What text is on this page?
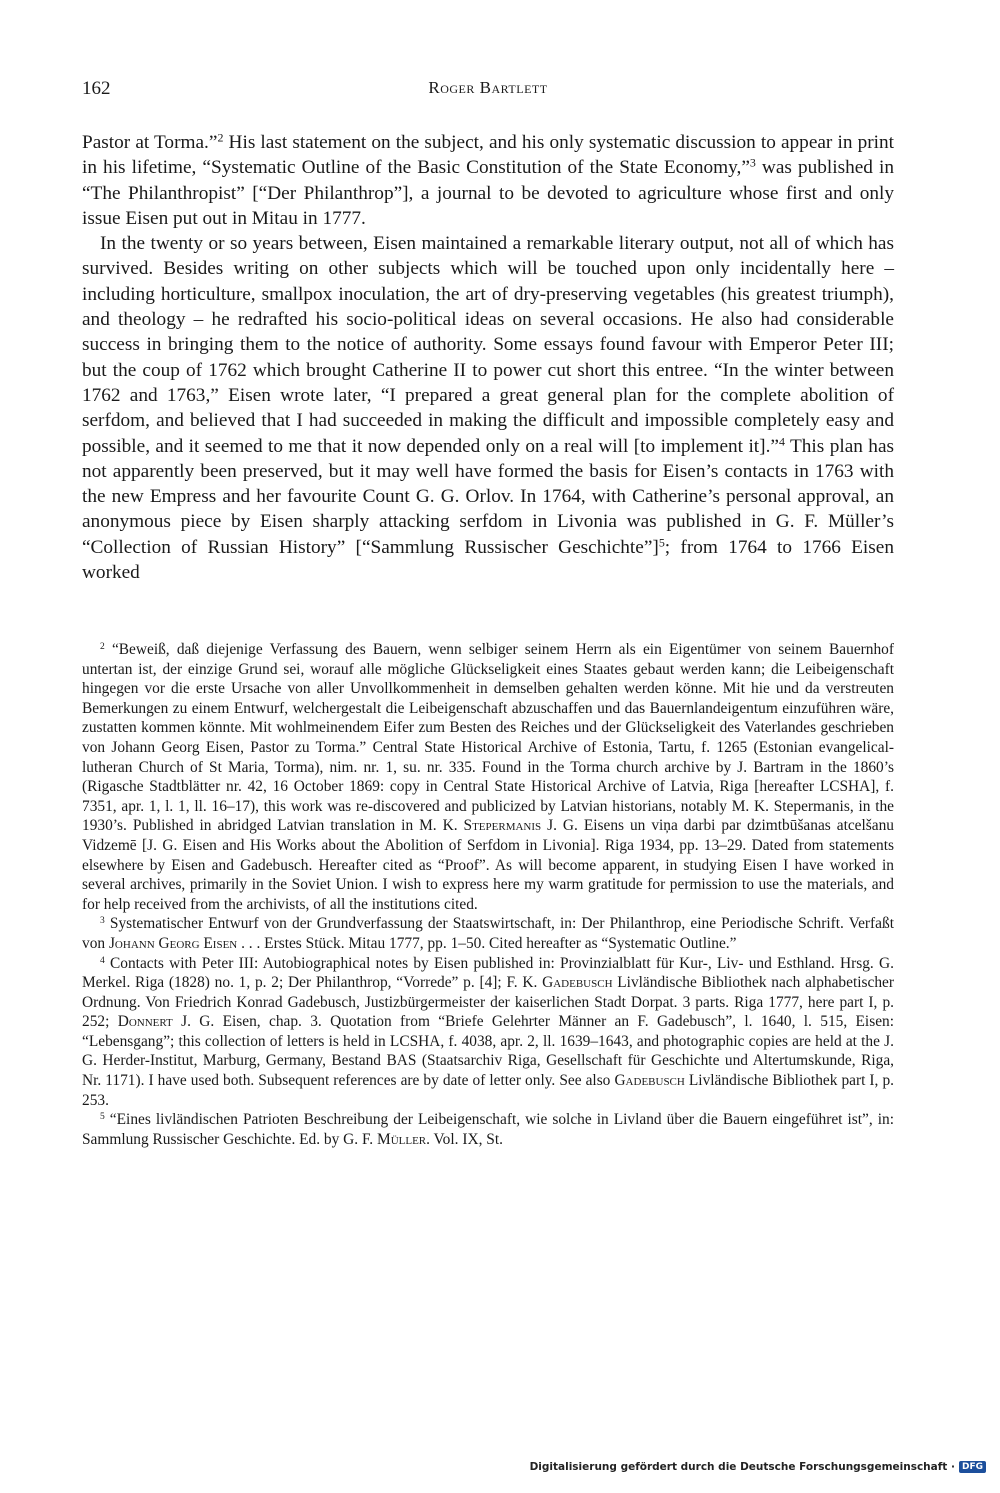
162	Roger Bartlett

Pastor at Torma.”$^2$ His last statement on the subject, and his only systematic discussion to appear in print in his lifetime, “Systematic Outline of the Basic Constitution of the State Economy,”$^3$ was published in “The Philanthropist” [“Der Philanthrop”], a journal to be devoted to agriculture whose first and only issue Eisen put out in Mitau in 1777.

In the twenty or so years between, Eisen maintained a remarkable literary output, not all of which has survived. Besides writing on other subjects which will be touched upon only incidentally here – including horticulture, smallpox inoculation, the art of dry-preserving vegetables (his greatest triumph), and theology – he redrafted his socio-political ideas on several occasions. He also had considerable success in bringing them to the notice of authority. Some essays found favour with Emperor Peter III; but the coup of 1762 which brought Catherine II to power cut short this entree. “In the winter between 1762 and 1763,” Eisen wrote later, “I prepared a great general plan for the complete abolition of serfdom, and believed that I had succeeded in making the difficult and impossible completely easy and possible, and it seemed to me that it now depended only on a real will [to implement it].”$^4$ This plan has not apparently been preserved, but it may well have formed the basis for Eisen’s contacts in 1763 with the new Empress and her favourite Count G. G. Orlov. In 1764, with Catherine’s personal approval, an anonymous piece by Eisen sharply attacking serfdom in Livonia was published in G. F. Müller’s “Collection of Russian History” [“Sammlung Russischer Geschichte”]$^5$; from 1764 to 1766 Eisen worked

$^2$ “Beweiß, daß diejenige Verfassung des Bauern, wenn selbiger seinem Herrn als ein Eigentümer von seinem Bauernhof untertan ist, der einzige Grund sei, worauf alle mögliche Glückseligkeit eines Staates gebaut werden kann; die Leibeigenschaft hingegen vor die erste Ursache von aller Unvollkommenheit in demselben gehalten werden könne. Mit hie und da verstreuten Bemerkungen zu einem Entwurf, welchergestalt die Leibeigenschaft abzuschaffen und das Bauernlandeigentum einzuführen wäre, zustatten kommen könnte. Mit wohlmeinendem Eifer zum Besten des Reiches und der Glückseligkeit des Vaterlandes geschrieben von Johann Georg Eisen, Pastor zu Torma.” Central State Historical Archive of Estonia, Tartu, f. 1265 (Estonian evangelical-lutheran Church of St Maria, Torma), nim. nr. 1, su. nr. 335. Found in the Torma church archive by J. Bartram in the 1860’s (Rigasche Stadtblätter nr. 42, 16 October 1869: copy in Central State Historical Archive of Latvia, Riga [hereafter LCSHA], f. 7351, apr. 1, l. 1, ll. 16–17), this work was re-discovered and publicized by Latvian historians, notably M. K. Stepermanis, in the 1930’s. Published in abridged Latvian translation in M. K. Stepermanis J. G. Eisens un viņa darbi par dzimtbūšanas atcelšanu Vidzemē [J. G. Eisen and His Works about the Abolition of Serfdom in Livonia]. Riga 1934, pp. 13–29. Dated from statements elsewhere by Eisen and Gadebusch. Hereafter cited as “Proof”. As will become apparent, in studying Eisen I have worked in several archives, primarily in the Soviet Union. I wish to express here my warm gratitude for permission to use the materials, and for help received from the archivists, of all the institutions cited.

$^3$ Systematischer Entwurf von der Grundverfassung der Staatswirtschaft, in: Der Philanthrop, eine Periodische Schrift. Verfaßt von Johann Georg Eisen . . . Erstes Stück. Mitau 1777, pp. 1–50. Cited hereafter as “Systematic Outline.”

$^4$ Contacts with Peter III: Autobiographical notes by Eisen published in: Provinzialblatt für Kur-, Liv- und Esthland. Hrsg. G. Merkel. Riga (1828) no. 1, p. 2; Der Philanthrop, “Vorrede” p. [4]; F. K. Gadebusch Livländische Bibliothek nach alphabetischer Ordnung. Von Friedrich Konrad Gadebusch, Justizbürgermeister der kaiserlichen Stadt Dorpat. 3 parts. Riga 1777, here part I, p. 252; Donnert J. G. Eisen, chap. 3. Quotation from “Briefe Gelehrter Männer an F. Gadebusch”, l. 1640, l. 515, Eisen: “Lebensgang”; this collection of letters is held in LCSHA, f. 4038, apr. 2, ll. 1639–1643, and photographic copies are held at the J. G. Herder-Institut, Marburg, Germany, Bestand BAS (Staatsarchiv Riga, Gesellschaft für Geschichte und Altertumskunde, Riga, Nr. 1171). I have used both. Subsequent references are by date of letter only. See also Gadebusch Livländische Bibliothek part I, p. 253.

$^5$ “Eines livländischen Patrioten Beschreibung der Leibeigenschaft, wie solche in Livland über die Bauern eingeführet ist”, in: Sammlung Russischer Geschichte. Ed. by G. F. Müller. Vol. IX, St.

Digitalisierung gefördert durch die Deutsche Forschungsgemeinschaft · DFG
